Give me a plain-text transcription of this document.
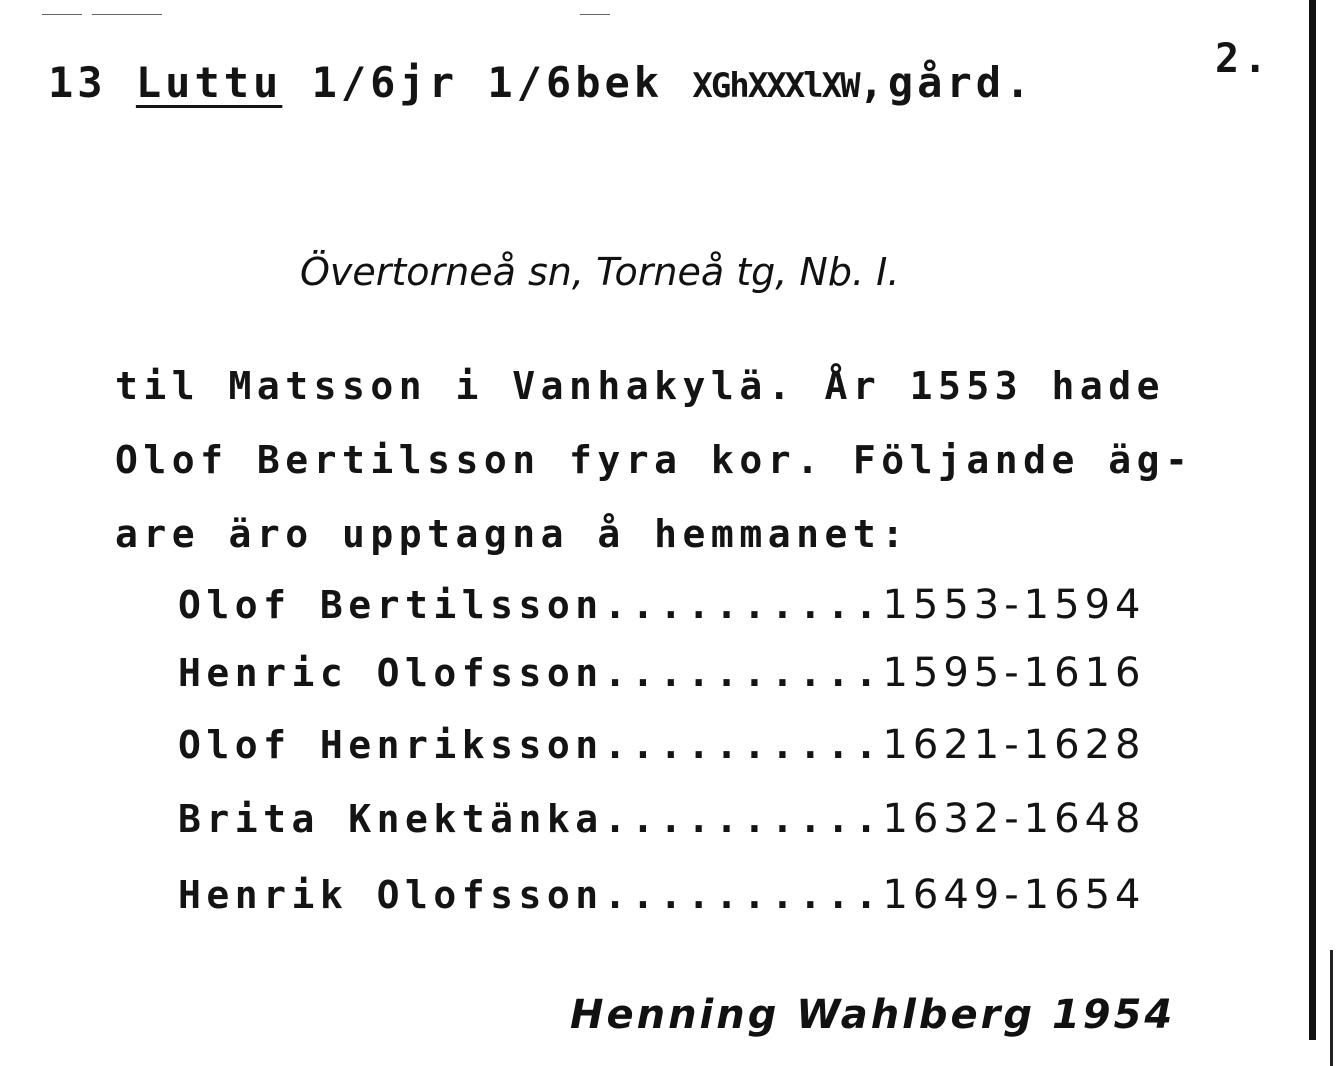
2.
13 Luttu 1/6jr 1/6bek XGhXXXlXW,gård.
Övertorneå sn, Torneå tg, Nb. I.
til Matsson i Vanhakylä. År 1553 hade
Olof Bertilsson fyra kor. Följande äg-
are äro upptagna å hemmanet:
Olof Bertilsson .......... 1553-1594
Henric Olofsson .......... 1595-1616
Olof Henriksson .......... 1621-1628
Brita Knektänka .......... 1632-1648
Henrik Olofsson .......... 1649-1654
Henning Wahlberg 1954
